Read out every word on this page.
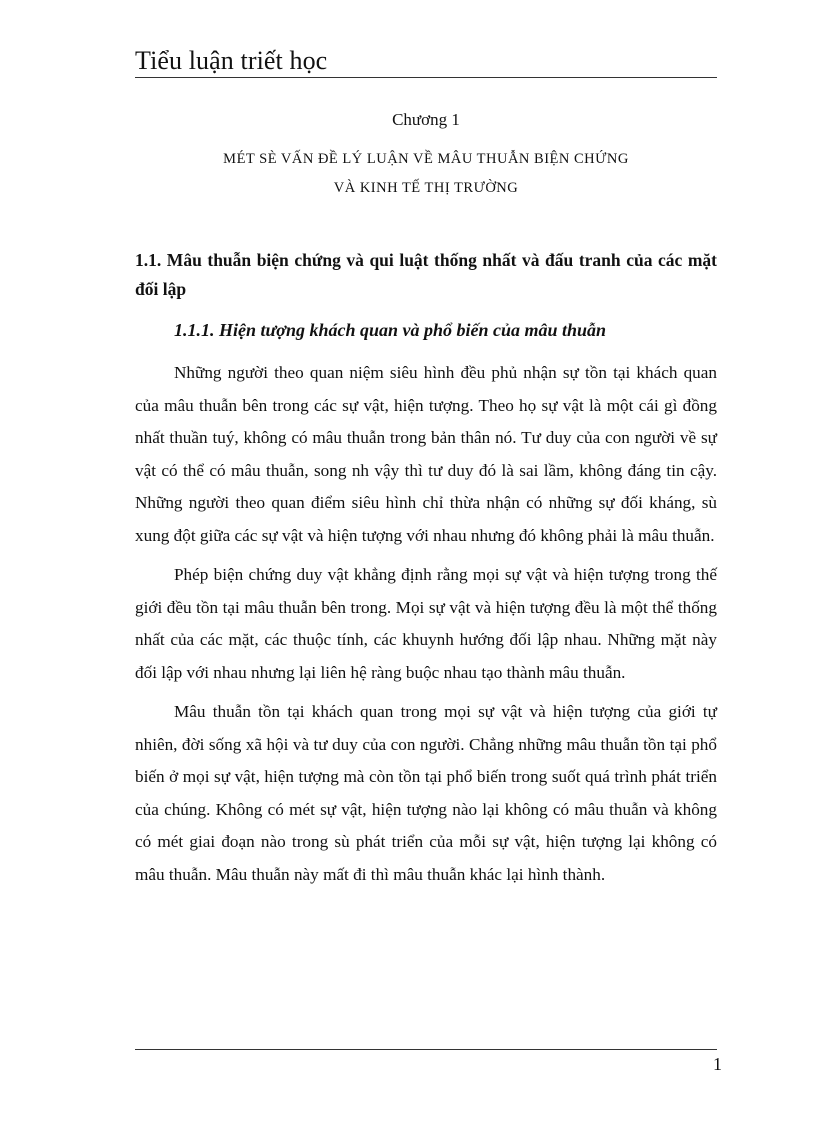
Tiểu luận triết học
Chương 1
MÉT SÈ VẤN ĐỀ LÝ LUẬN VỀ MÂU THUẪN BIỆN CHỨNG
VÀ KINH TẾ THỊ TRƯỜNG
1.1. Mâu thuẫn biện chứng và qui luật thống nhất và đấu tranh của các mặt đối lập
1.1.1. Hiện tượng khách quan và phổ biến của mâu thuẫn

Những người theo quan niệm siêu hình đều phủ nhận sự tồn tại khách quan của mâu thuẫn bên trong các sự vật, hiện tượng. Theo họ sự vật là một cái gì đồng nhất thuần tuý, không có mâu thuẫn trong bản thân nó. Tư duy của con người về sự vật có thể có mâu thuẫn, song nh vậy thì tư duy đó là sai lầm, không đáng tin cậy. Những người theo quan điểm siêu hình chỉ thừa nhận có những sự đối kháng, sù xung đột giữa các sự vật và hiện tượng với nhau nhưng đó không phải là mâu thuẫn.

Phép biện chứng duy vật khẳng định rằng mọi sự vật và hiện tượng trong thế giới đều tồn tại mâu thuẫn bên trong. Mọi sự vật và hiện tượng đều là một thể thống nhất của các mặt, các thuộc tính, các khuynh hướng đối lập nhau. Những mặt này đối lập với nhau nhưng lại liên hệ ràng buộc nhau tạo thành mâu thuẫn.

Mâu thuẫn tồn tại khách quan trong mọi sự vật và hiện tượng của giới tự nhiên, đời sống xã hội và tư duy của con người. Chẳng những mâu thuẫn tồn tại phổ biến ở mọi sự vật, hiện tượng mà còn tồn tại phổ biến trong suốt quá trình phát triển của chúng. Không có mét sự vật, hiện tượng nào lại không có mâu thuẫn và không có mét giai đoạn nào trong sù phát triển của mỗi sự vật, hiện tượng lại không có mâu thuẫn. Mâu thuẫn này mất đi thì mâu thuẫn khác lại hình thành.

1
